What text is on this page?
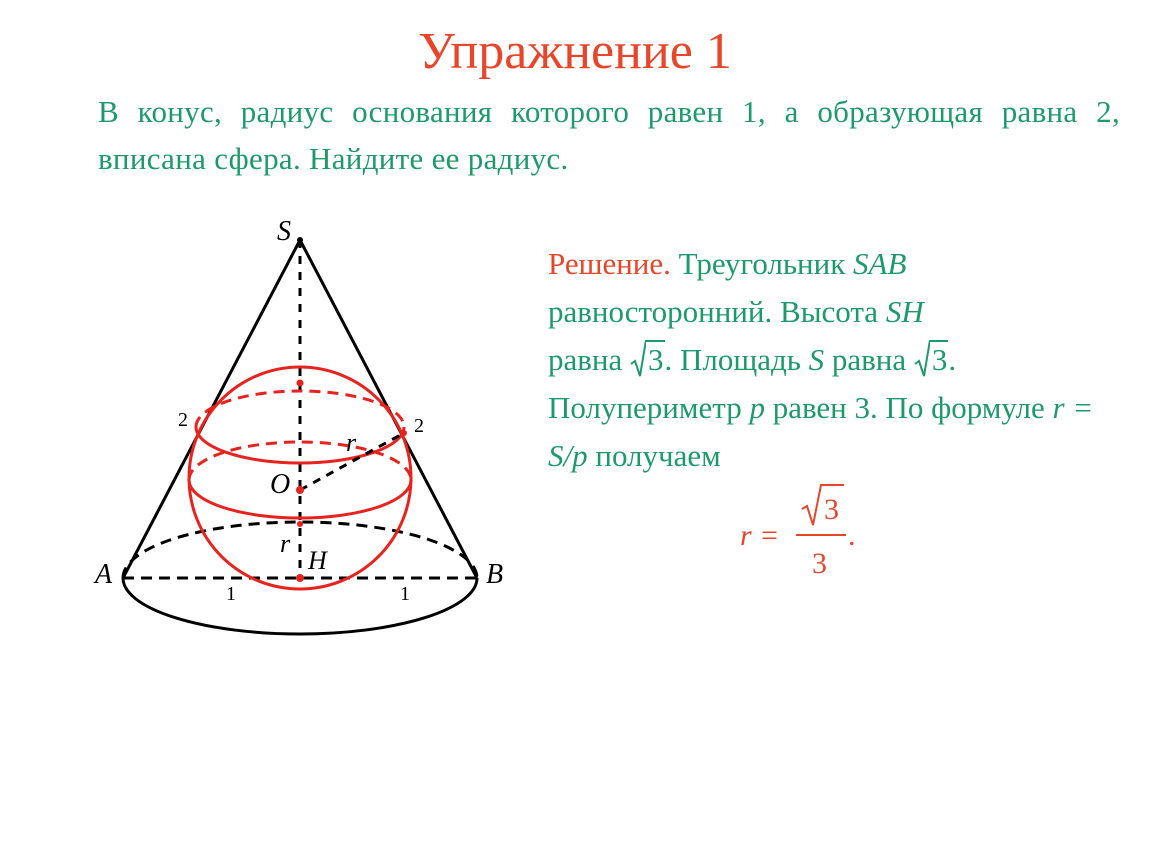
Упражнение 1
В конус, радиус основания которого равен 1, а образующая равна 2, вписана сфера. Найдите ее радиус.
Решение. Треугольник SAB
равносторонний. Высота SH
равна 3. Площадь S равна 3.
Полупериметр p равен 3. По формуле r = S/p получаем
r =
3
3
.
S
A	B
O
H
r
r
2	2
1	1
